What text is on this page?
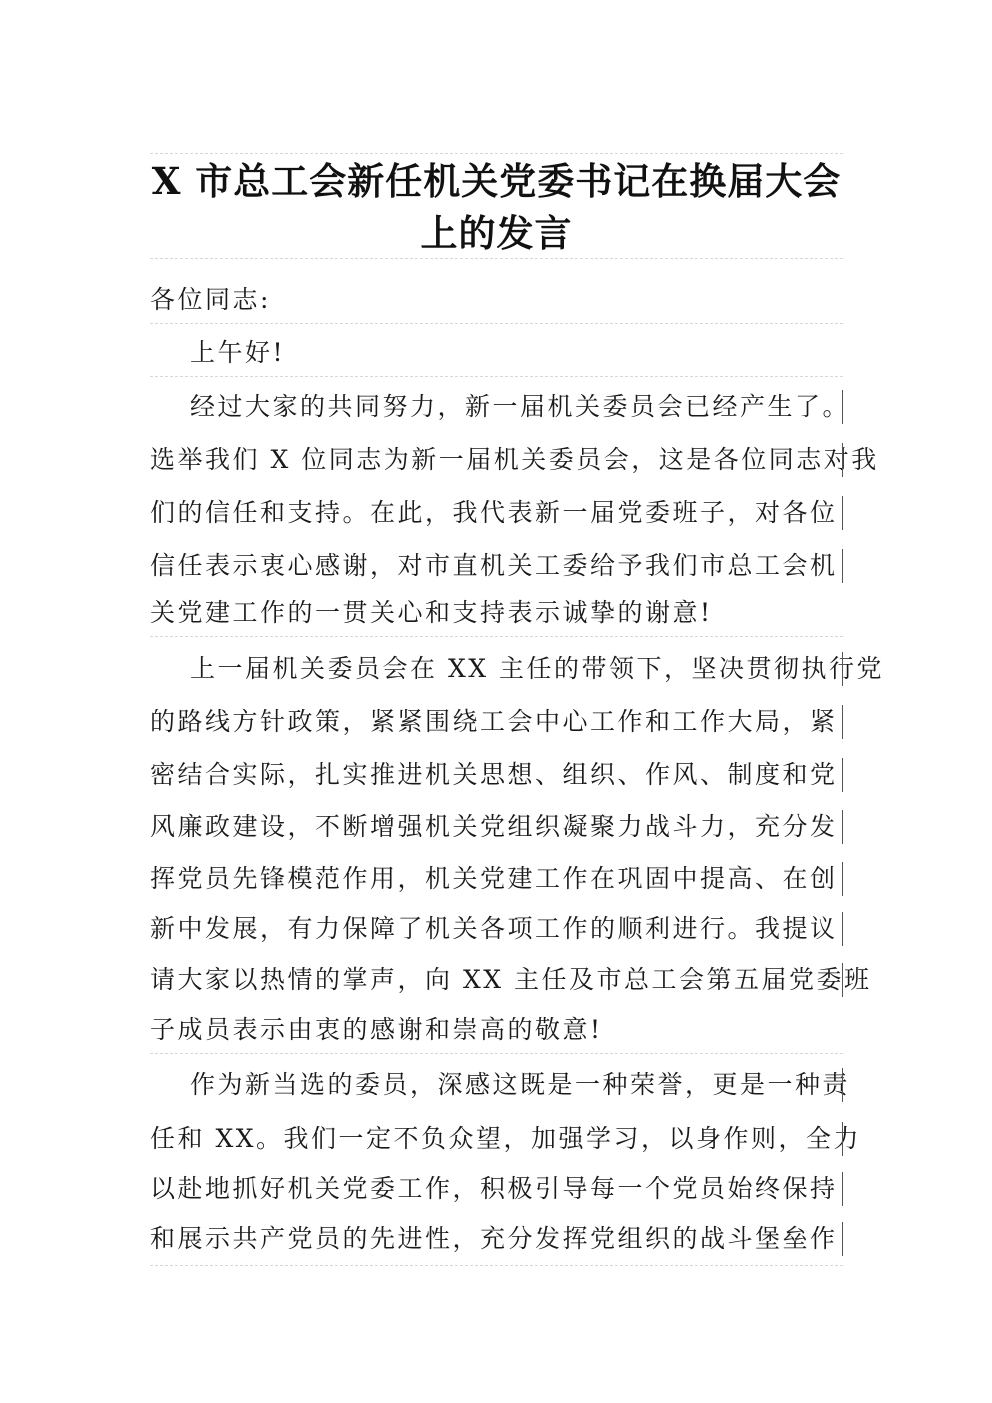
X 市总工会新任机关党委书记在换届大会
上的发言
各位同志:
上午好!
经过大家的共同努力，新一届机关委员会已经产生了。
选举我们 X 位同志为新一届机关委员会，这是各位同志对我
们的信任和支持。在此，我代表新一届党委班子，对各位
信任表示衷心感谢，对市直机关工委给予我们市总工会机
关党建工作的一贯关心和支持表示诚挚的谢意!
上一届机关委员会在 XX 主任的带领下，坚决贯彻执行党
的路线方针政策，紧紧围绕工会中心工作和工作大局，紧
密结合实际，扎实推进机关思想、组织、作风、制度和党
风廉政建设，不断增强机关党组织凝聚力战斗力，充分发
挥党员先锋模范作用，机关党建工作在巩固中提高、在创
新中发展，有力保障了机关各项工作的顺利进行。我提议
请大家以热情的掌声，向 XX 主任及市总工会第五届党委班
子成员表示由衷的感谢和崇高的敬意!
作为新当选的委员，深感这既是一种荣誉，更是一种责
任和 XX。我们一定不负众望，加强学习，以身作则，全力
以赴地抓好机关党委工作，积极引导每一个党员始终保持
和展示共产党员的先进性，充分发挥党组织的战斗堡垒作
